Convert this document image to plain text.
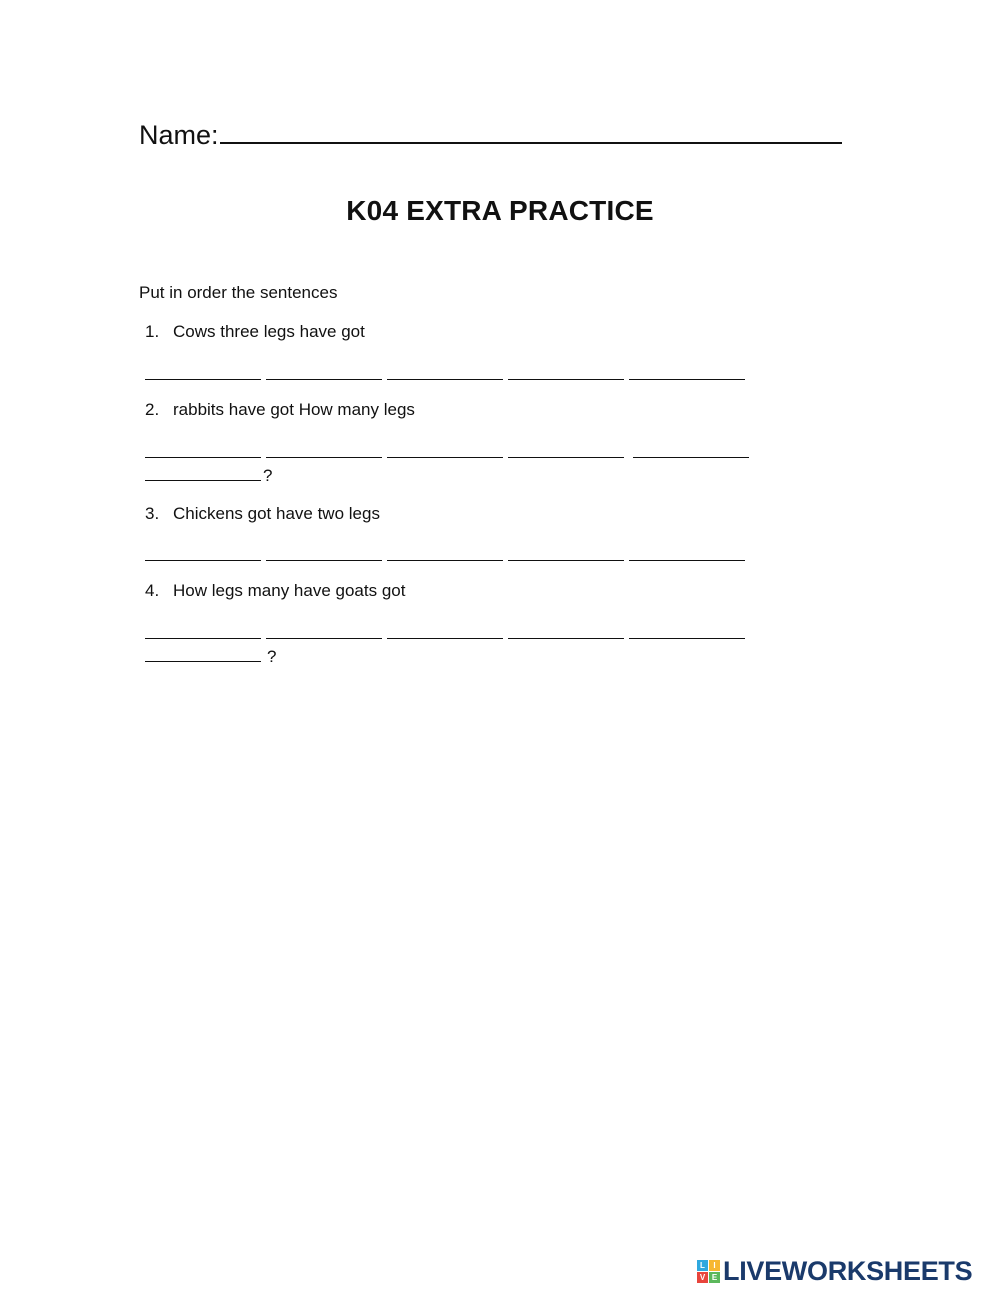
Name:
K04 EXTRA PRACTICE
Put in order the sentences
1. Cows three legs have got
2. rabbits have got How many legs
?
3. Chickens got have two legs
4. How legs many have goats got
?
L	I
V E LIVEWORKSHEETS
